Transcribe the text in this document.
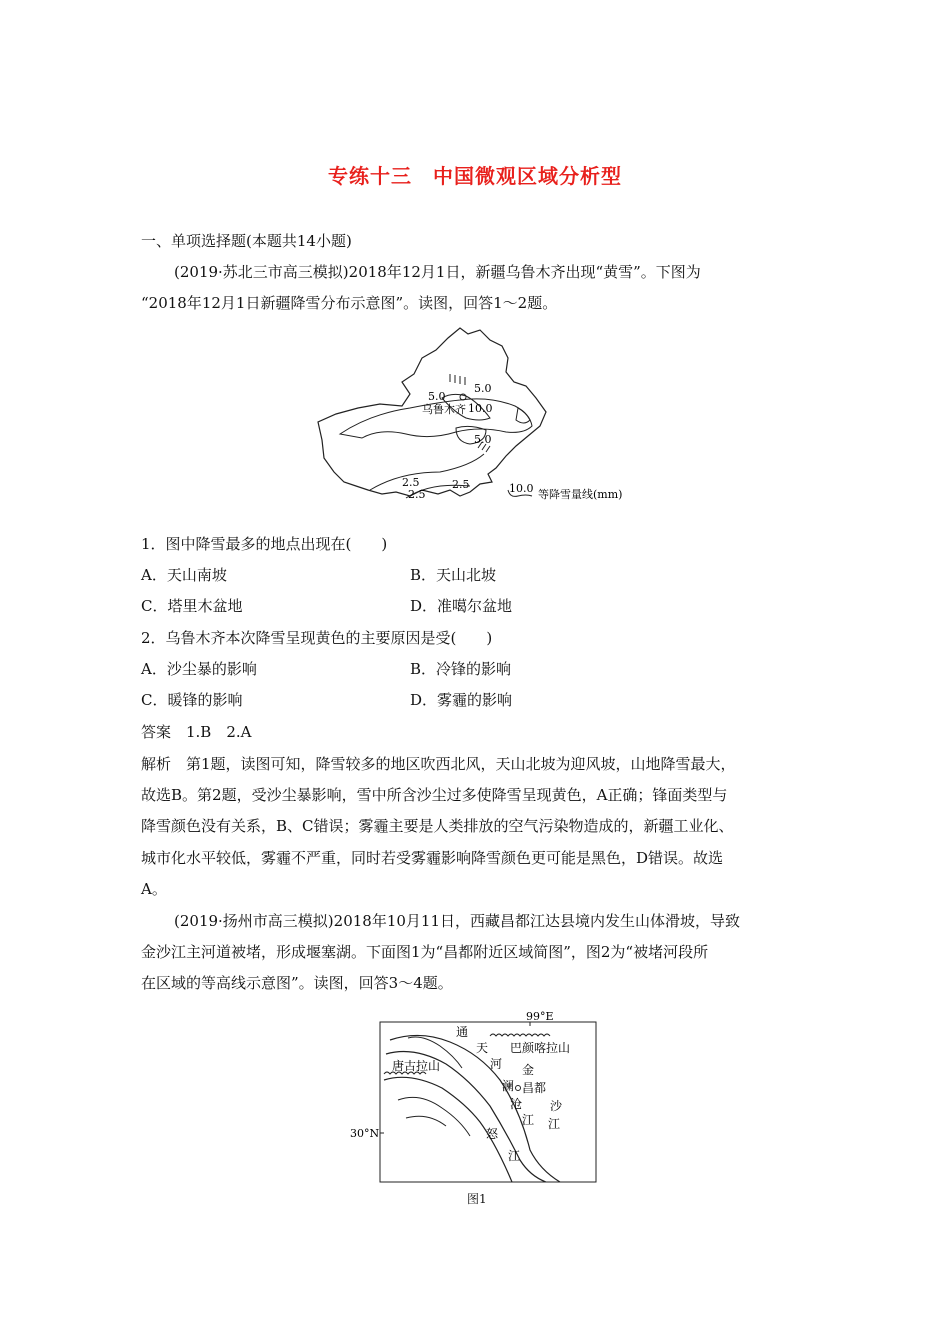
专练十三　中国微观区域分析型
一、单项选择题(本题共14小题)
(2019·苏北三市高三模拟)2018年12月1日，新疆乌鲁木齐出现“黄雪”。下图为
“2018年12月1日新疆降雪分布示意图”。读图，回答1～2题。
5.0
5.0
乌鲁木齐 10.0
5.0
2.5
2.5
2.5	10.0 等降雪量线(mm)
1．图中降雪最多的地点出现在(　　)
A．天山南坡	B．天山北坡
C．塔里木盆地	D．准噶尔盆地
2．乌鲁木齐本次降雪呈现黄色的主要原因是受(　　)
A．沙尘暴的影响	B．冷锋的影响
C．暖锋的影响	D．雾霾的影响
答案　1.B　2.A
解析　第1题，读图可知，降雪较多的地区吹西北风，天山北坡为迎风坡，山地降雪最大，
故选B。第2题，受沙尘暴影响，雪中所含沙尘过多使降雪呈现黄色，A正确；锋面类型与
降雪颜色没有关系，B、C错误；雾霾主要是人类排放的空气污染物造成的，新疆工业化、
城市化水平较低，雾霾不严重，同时若受雾霾影响降雪颜色更可能是黑色，D错误。故选
A。
(2019·扬州市高三模拟)2018年10月11日，西藏昌都江达县境内发生山体滑坡，导致
金沙江主河道被堵，形成堰塞湖。下面图1为“昌都附近区域简图”，图2为“被堵河段所
在区域的等高线示意图”。读图，回答3～4题。
99°E
30°N
通
天
河
巴颜喀拉山
唐古拉山	金
昌都
澜
沧
江
沙
江
怒
江
图1
